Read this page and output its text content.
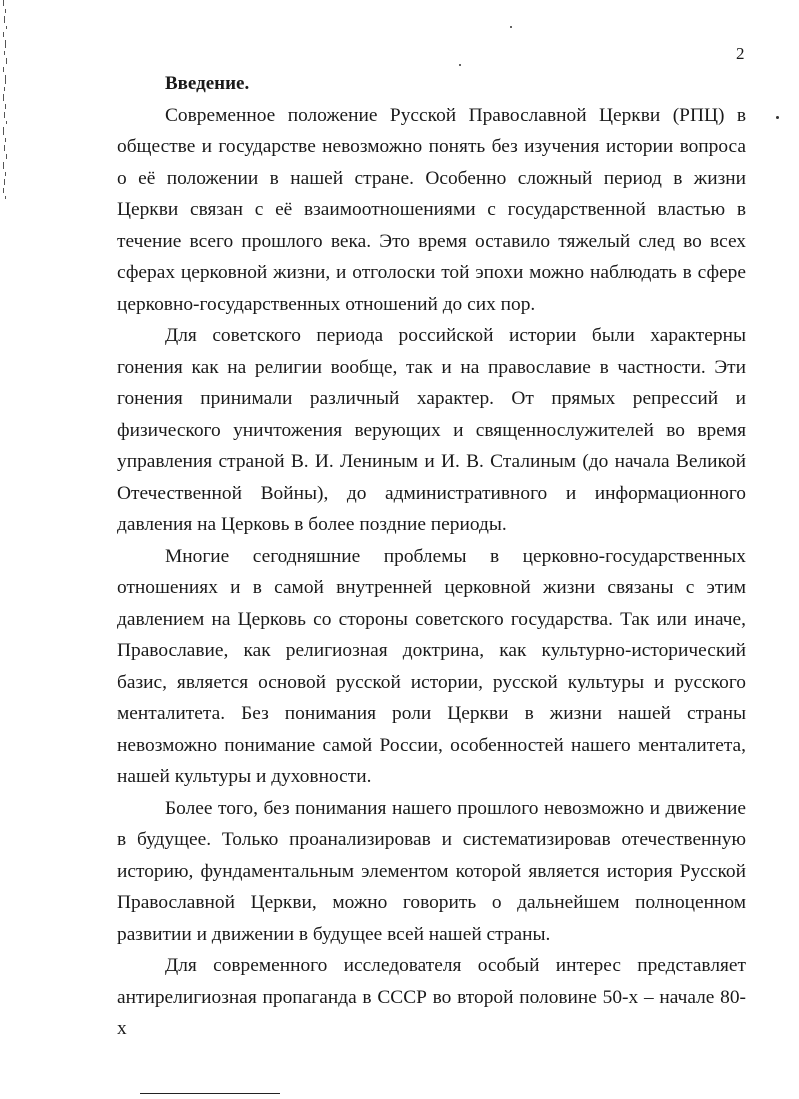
2

Введение.

Современное положение Русской Православной Церкви (РПЦ) в обществе и государстве невозможно понять без изучения истории вопроса о её положении в нашей стране. Особенно сложный период в жизни Церкви связан с её взаимоотношениями с государственной властью в течение всего прошлого века. Это время оставило тяжелый след во всех сферах церковной жизни, и отголоски той эпохи можно наблюдать в сфере церковно-государственных отношений до сих пор.

Для советского периода российской истории были характерны гонения как на религии вообще, так и на православие в частности. Эти гонения принимали различный характер. От прямых репрессий и физического уничтожения верующих и священнослужителей во время управления страной В. И. Лениным и И. В. Сталиным (до начала Великой Отечественной Войны), до административного и информационного давления на Церковь в более поздние периоды.

Многие сегодняшние проблемы в церковно-государственных отношениях и в самой внутренней церковной жизни связаны с этим давлением на Церковь со стороны советского государства. Так или иначе, Православие, как религиозная доктрина, как культурно-исторический базис, является основой русской истории, русской культуры и русского менталитета. Без понимания роли Церкви в жизни нашей страны невозможно понимание самой России, особенностей нашего менталитета, нашей культуры и духовности.

Более того, без понимания нашего прошлого невозможно и движение в будущее. Только проанализировав и систематизировав отечественную историю, фундаментальным элементом которой является история Русской Православной Церкви, можно говорить о дальнейшем полноценном развитии и движении в будущее всей нашей страны.

Для современного исследователя особый интерес представляет антирелигиозная пропаганда в СССР во второй половине 50-х – начале 80-х
